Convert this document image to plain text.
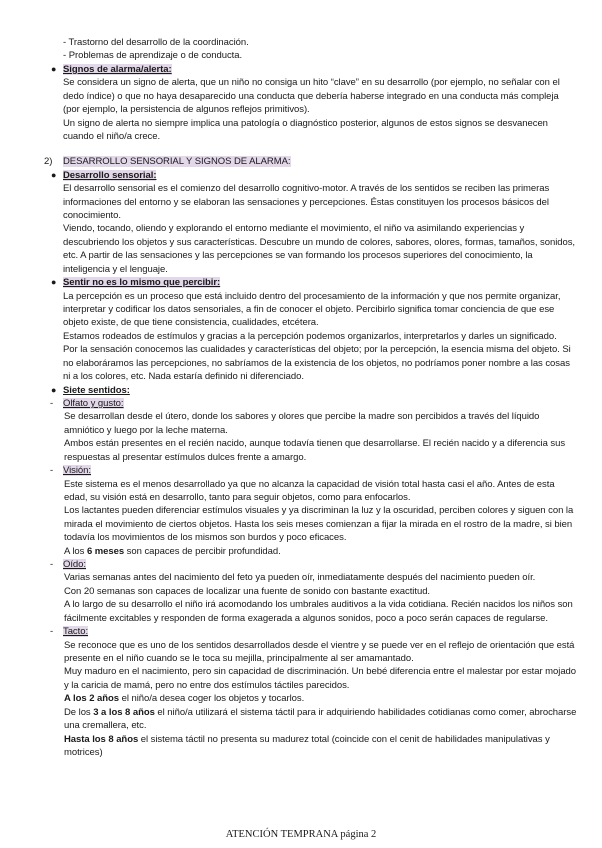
- Trastorno del desarrollo de la coordinación.

- Problemas de aprendizaje o de conducta.

● Signos de alarma/alerta:

Se considera un signo de alerta, que un niño no consiga un hito “clave” en su desarrollo (por ejemplo, no señalar con el dedo índice) o que no haya desaparecido una conducta que debería haberse integrado en una conducta más compleja (por ejemplo, la persistencia de algunos reflejos primitivos).

Un signo de alerta no siempre implica una patología o diagnóstico posterior, algunos de estos signos se desvanecen cuando el niño/a crece.

2) DESARROLLO SENSORIAL Y SIGNOS DE ALARMA:
● Desarrollo sensorial:

El desarrollo sensorial es el comienzo del desarrollo cognitivo-motor. A través de los sentidos se reciben las primeras informaciones del entorno y se elaboran las sensaciones y percepciones. Éstas constituyen los procesos básicos del conocimiento.

Viendo, tocando, oliendo y explorando el entorno mediante el movimiento, el niño va asimilando experiencias y descubriendo los objetos y sus características. Descubre un mundo de colores, sabores, olores, formas, tamaños, sonidos, etc. A partir de las sensaciones y las percepciones se van formando los procesos superiores del conocimiento, la inteligencia y el lenguaje.

● Sentir no es lo mismo que percibir:

La percepción es un proceso que está incluido dentro del procesamiento de la información y que nos permite organizar, interpretar y codificar los datos sensoriales, a fin de conocer el objeto. Percibirlo significa tomar conciencia de que ese objeto existe, de que tiene consistencia, cualidades, etcétera.

Estamos rodeados de estímulos y gracias a la percepción podemos organizarlos, interpretarlos y darles un significado.

Por la sensación conocemos las cualidades y características del objeto; por la percepción, la esencia misma del objeto. Si no elaboráramos las percepciones, no sabríamos de la existencia de los objetos, no podríamos poner nombre a las cosas ni a los colores, etc. Nada estaría definido ni diferenciado.

● Siete sentidos:
- Olfato y gusto:

Se desarrollan desde el útero, donde los sabores y olores que percibe la madre son percibidos a través del líquido amniótico y luego por la leche materna.

Ambos están presentes en el recién nacido, aunque todavía tienen que desarrollarse. El recién nacido y a diferencia sus respuestas al presentar estímulos dulces frente a amargo.

- Visión:

Este sistema es el menos desarrollado ya que no alcanza la capacidad de visión total hasta casi el año. Antes de esta edad, su visión está en desarrollo, tanto para seguir objetos, como para enfocarlos.

Los lactantes pueden diferenciar estímulos visuales y ya discriminan la luz y la oscuridad, perciben colores y siguen con la mirada el movimiento de ciertos objetos. Hasta los seis meses comienzan a fijar la mirada en el rostro de la madre, si bien todavía los movimientos de los mismos son burdos y poco eficaces.

A los 6 meses son capaces de percibir profundidad.

- Oído:

Varias semanas antes del nacimiento del feto ya pueden oír, inmediatamente después del nacimiento pueden oír.

Con 20 semanas son capaces de localizar una fuente de sonido con bastante exactitud.

A lo largo de su desarrollo el niño irá acomodando los umbrales auditivos a la vida cotidiana. Recién nacidos los niños son fácilmente excitables y responden de forma exagerada a algunos sonidos, poco a poco serán capaces de regularse.

- Tacto:

Se reconoce que es uno de los sentidos desarrollados desde el vientre y se puede ver en el reflejo de orientación que está presente en el niño cuando se le toca su mejilla, principalmente al ser amamantado.

Muy maduro en el nacimiento, pero sin capacidad de discriminación. Un bebé diferencia entre el malestar por estar mojado y la caricia de mamá, pero no entre dos estímulos táctiles parecidos.

A los 2 años el niño/a desea coger los objetos y tocarlos.

De los 3 a los 8 años el niño/a utilizará el sistema táctil para ir adquiriendo habilidades cotidianas como comer, abrocharse una cremallera, etc.

Hasta los 8 años el sistema táctil no presenta su madurez total (coincide con el cenit de habilidades manipulativas y motrices)

ATENCIÓN TEMPRANA página 2
